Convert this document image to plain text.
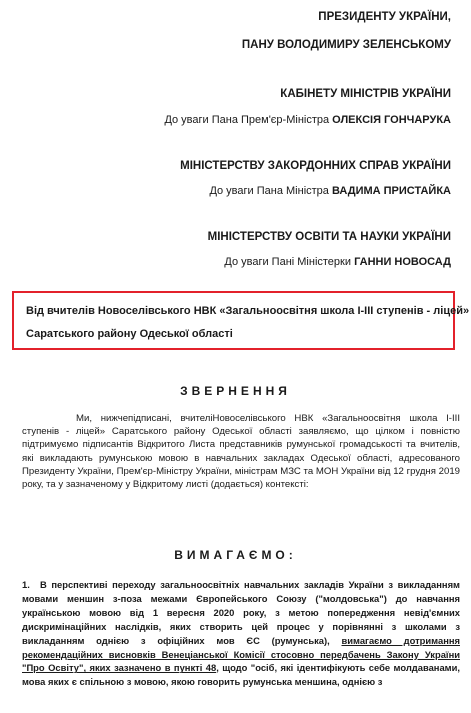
ПРЕЗИДЕНТУ УКРАЇНИ,
ПАНУ ВОЛОДИМИРУ ЗЕЛЕНСЬКОМУ
КАБІНЕТУ МІНІСТРІВ УКРАЇНИ
До уваги Пана Прем'єр-Міністра ОЛЕКСІЯ ГОНЧАРУКА
МІНІСТЕРСТВУ ЗАКОРДОННИХ СПРАВ УКРАЇНИ
До уваги Пана Міністра ВАДИМА ПРИСТАЙКА
МІНІСТЕРСТВУ ОСВІТИ ТА НАУКИ УКРАЇНИ
До уваги Пані Міністерки ГАННИ НОВОСАД
Від вчителів Новоселівського НВК «Загальноосвітня школа І-ІІІ ступенів - ліцей»
Саратського району Одеської області
ЗВЕРНЕННЯ
Ми, нижчепідписані, вчителіНовоселівського НВК «Загальноосвітня школа І-ІІІ ступенів - ліцей» Саратського району Одеської області заявляємо, що цілком і повністю підтримуємо підписантів Відкритого Листа представників румунської громадськості та вчителів, які викладають румунською мовою в навчальних закладах Одеської області, адресованого Президенту України, Прем'єр-Міністру України, міністрам МЗС та МОН України від 12 грудня 2019 року, та у зазначеному у Відкритому листі (додається) контексті:
ВИМАГАЄМО:
1. В перспективі переходу загальноосвітніх навчальних закладів України з викладанням мовами меншин з-поза межами Європейського Союзу ("молдовська") до навчання українською мовою від 1 вересня 2020 року, з метою попередження невід'ємних дискримінаційних наслідків, яких створить цей процес у порівнянні з школами з викладанням однією з офіційних мов ЄС (румунська), вимагаємо дотримання рекомендаційних висновків Венеціанської Комісії стосовно передбачень Закону України "Про Освіту", яких зазначено в пункті 48, щодо "осіб, які ідентифікують себе молдаванами, мова яких є спільною з мовою, якою говорить румунська меншина, однією з
